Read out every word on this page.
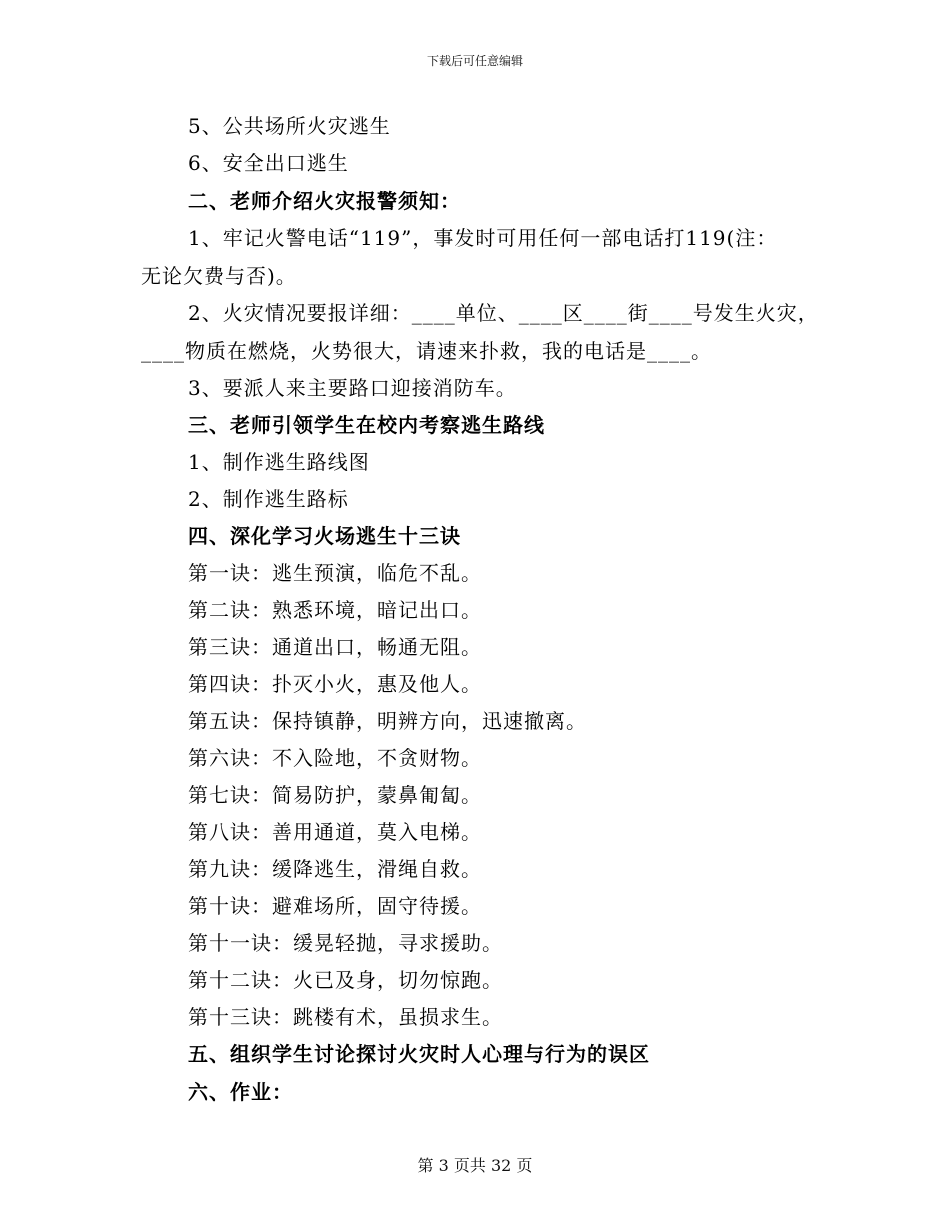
下载后可任意编辑
5、公共场所火灾逃生
6、安全出口逃生
二、老师介绍火灾报警须知：
1、牢记火警电话“119”，事发时可用任何一部电话打119(注：
无论欠费与否)。
2、火灾情况要报详细：____单位、____区____街____号发生火灾，
____物质在燃烧，火势很大，请速来扑救，我的电话是____。
3、要派人来主要路口迎接消防车。
三、老师引领学生在校内考察逃生路线
1、制作逃生路线图
2、制作逃生路标
四、深化学习火场逃生十三诀
第一诀：逃生预演，临危不乱。
第二诀：熟悉环境，暗记出口。
第三诀：通道出口，畅通无阻。
第四诀：扑灭小火，惠及他人。
第五诀：保持镇静，明辨方向，迅速撤离。
第六诀：不入险地，不贪财物。
第七诀：简易防护，蒙鼻匍匐。
第八诀：善用通道，莫入电梯。
第九诀：缓降逃生，滑绳自救。
第十诀：避难场所，固守待援。
第十一诀：缓晃轻抛，寻求援助。
第十二诀：火已及身，切勿惊跑。
第十三诀：跳楼有术，虽损求生。
五、组织学生讨论探讨火灾时人心理与行为的误区
六、作业：
第 3 页共 32 页
